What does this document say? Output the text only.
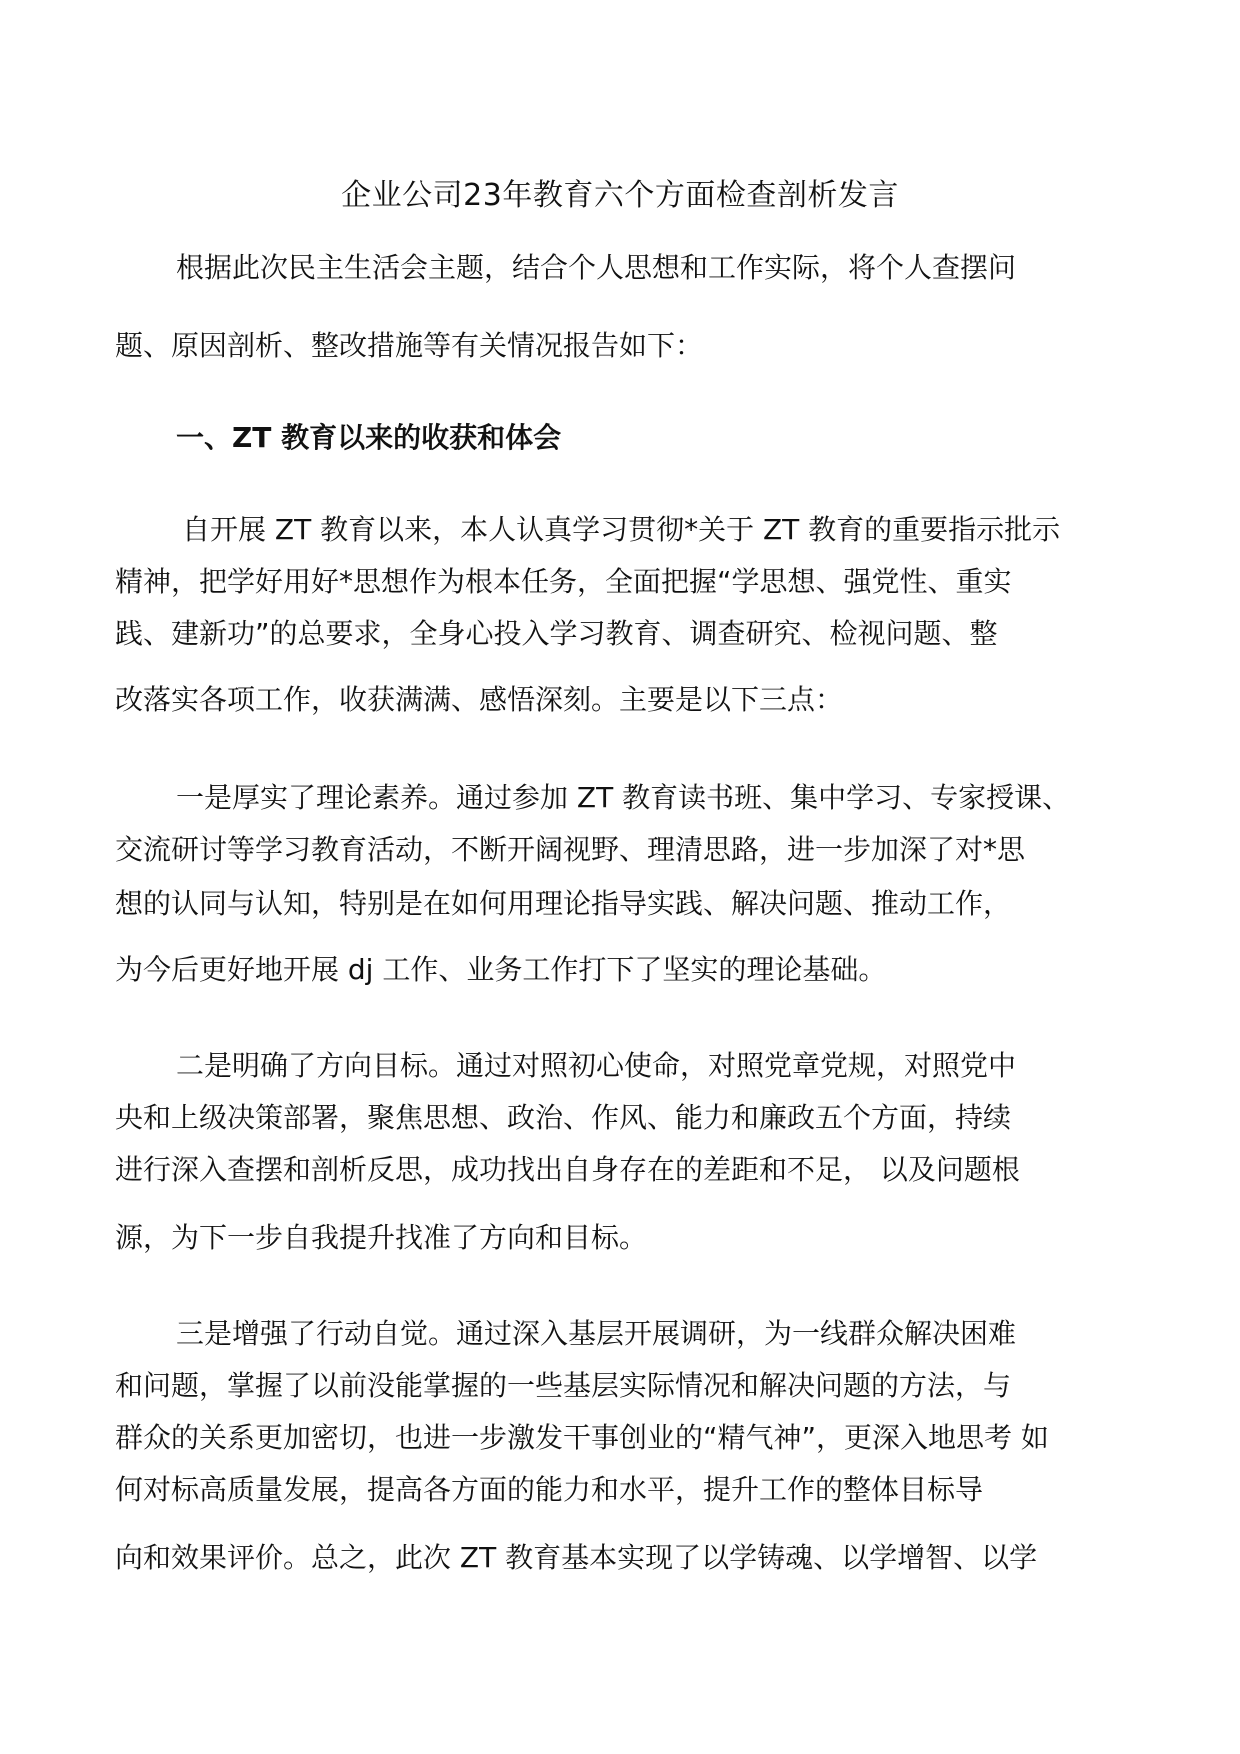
企业公司23年教育六个方面检查剖析发言
根据此次民主生活会主题，结合个人思想和工作实际，将个人查摆问
题、原因剖析、整改措施等有关情况报告如下：
一、ZT 教育以来的收获和体会
自开展 ZT 教育以来，本人认真学习贯彻*关于 ZT 教育的重要指示批示
精神，把学好用好*思想作为根本任务，全面把握“学思想、强党性、重实
践、建新功”的总要求，全身心投入学习教育、调查研究、检视问题、整
改落实各项工作，收获满满、感悟深刻。主要是以下三点：
一是厚实了理论素养。通过参加 ZT 教育读书班、集中学习、专家授课、
交流研讨等学习教育活动，不断开阔视野、理清思路，进一步加深了对*思
想的认同与认知，特别是在如何用理论指导实践、解决问题、推动工作，
为今后更好地开展 dj 工作、业务工作打下了坚实的理论基础。
二是明确了方向目标。通过对照初心使命，对照党章党规，对照党中
央和上级决策部署，聚焦思想、政治、作风、能力和廉政五个方面，持续
进行深入查摆和剖析反思，成功找出自身存在的差距和不足， 以及问题根
源，为下一步自我提升找准了方向和目标。
三是增强了行动自觉。通过深入基层开展调研，为一线群众解决困难
和问题，掌握了以前没能掌握的一些基层实际情况和解决问题的方法，与
群众的关系更加密切，也进一步激发干事创业的“精气神”，更深入地思考 如
何对标高质量发展，提高各方面的能力和水平，提升工作的整体目标导
向和效果评价。总之，此次 ZT 教育基本实现了以学铸魂、以学增智、以学
